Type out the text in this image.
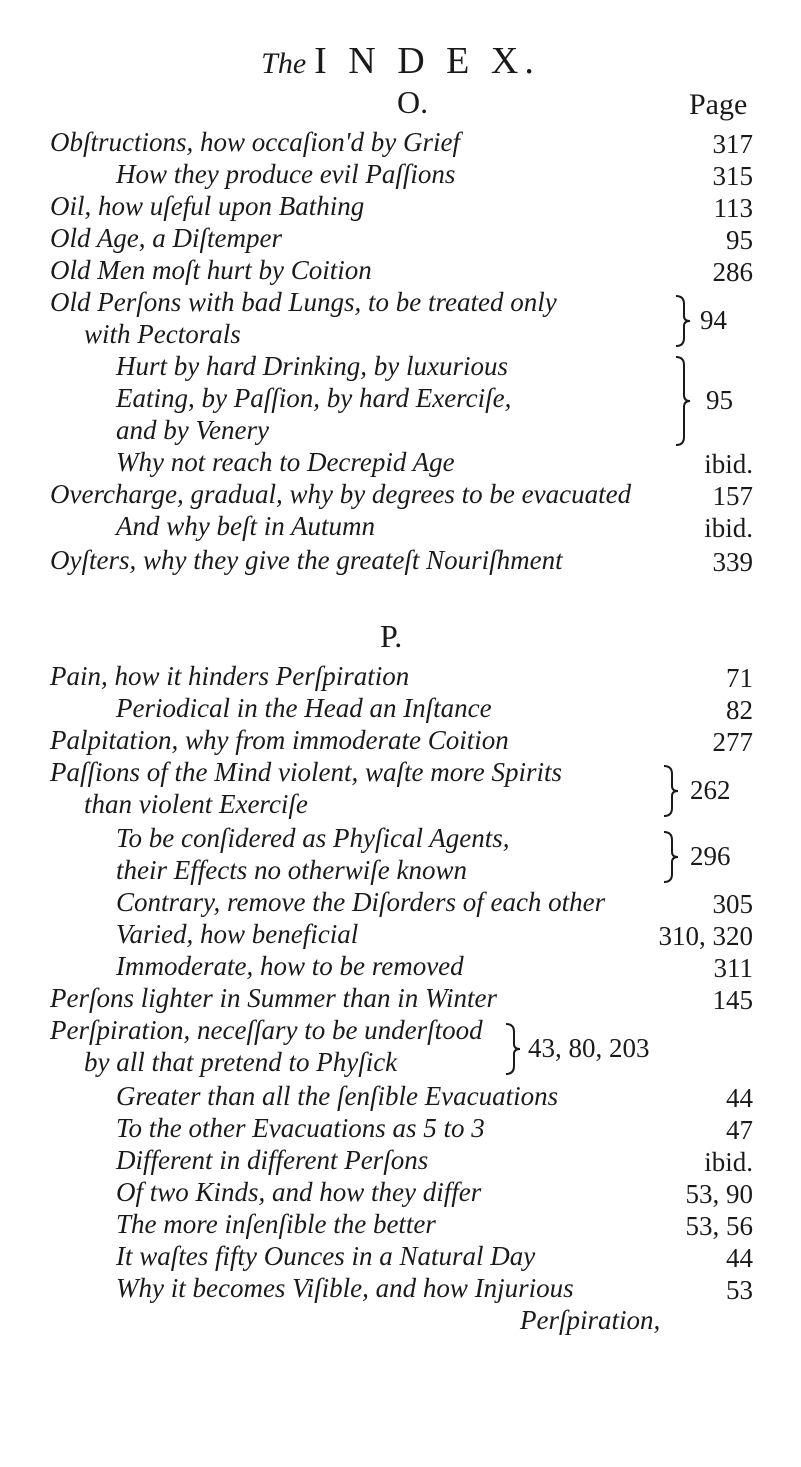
The I N D E X.
O.	Page
Obſtructions, how occaſion'd by Grief	317
How they produce evil Paſſions	315
Oil, how uſeful upon Bathing	113
Old Age, a Diſtemper	95
Old Men moſt hurt by Coition	286
Old Perſons with bad Lungs, to be treated only
with Pectorals	94
Hurt by hard Drinking, by luxurious
Eating, by Paſſion, by hard Exerciſe,
and by Venery
95
Why not reach to Decrepid Age	ibid.
Overcharge, gradual, why by degrees to be evacuated	157
And why beſt in Autumn	ibid.
Oyſters, why they give the greateſt Nouriſhment	339
P.
Pain, how it hinders Perſpiration	71
Periodical in the Head an Inſtance	82
Palpitation, why from immoderate Coition	277
Paſſions of the Mind violent, waſte more Spirits
than violent Exerciſe	262
To be conſidered as Phyſical Agents,
their Effects no otherwiſe known	296
Contrary, remove the Diſorders of each other	305
Varied, how beneficial	310, 320
Immoderate, how to be removed	311
Perſons lighter in Summer than in Winter	145
Perſpiration, neceſſary to be underſtood
by all that pretend to Phyſick	43, 80, 203
Greater than all the ſenſible Evacuations	44
To the other Evacuations as 5 to 3	47
Different in different Perſons	ibid.
Of two Kinds, and how they differ	53, 90
The more inſenſible the better	53, 56
It waſtes fifty Ounces in a Natural Day	44
Why it becomes Viſible, and how Injurious	53
Perſpiration,
